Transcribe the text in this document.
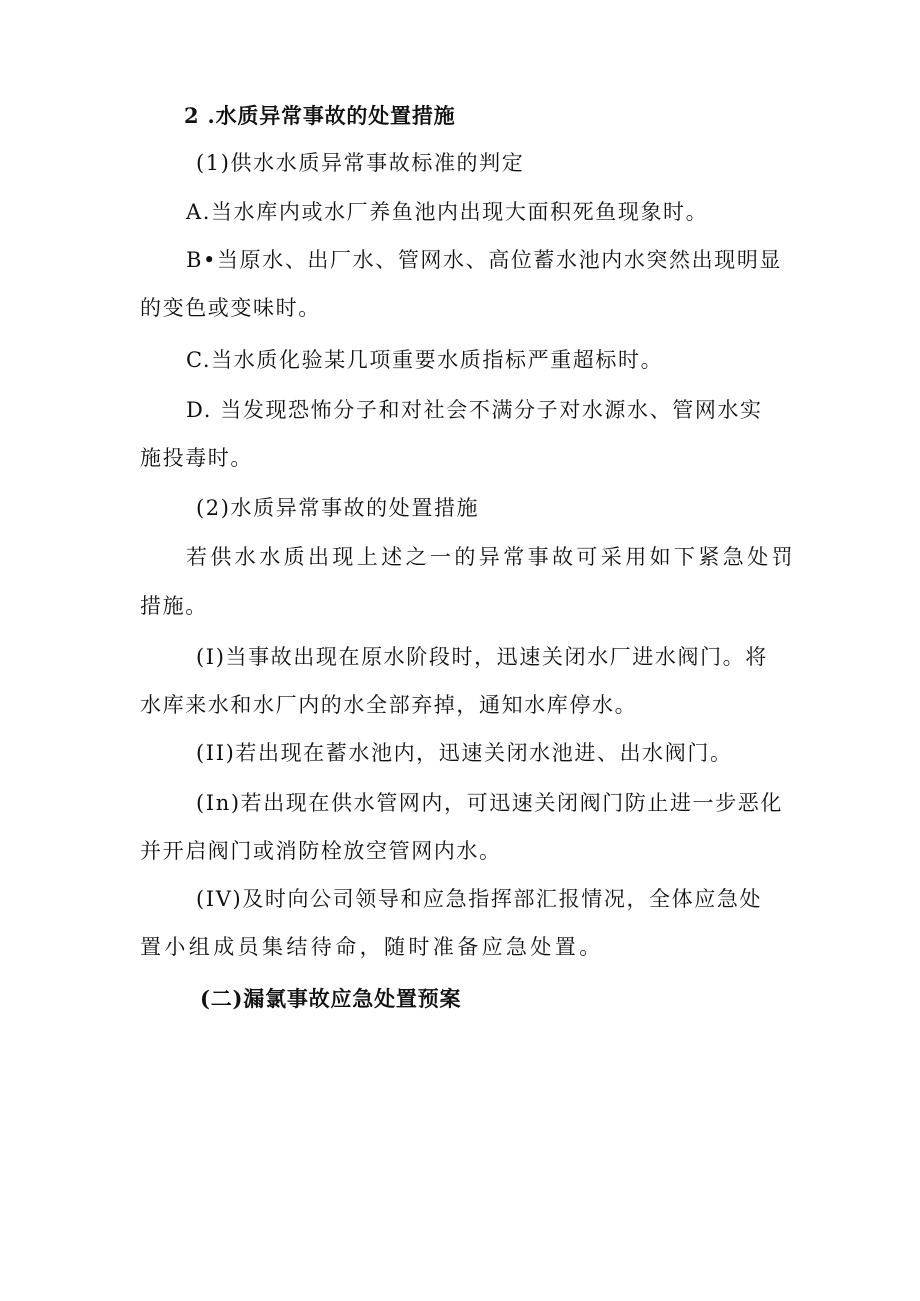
2 .水质异常事故的处置措施
(1)供水水质异常事故标准的判定
A.当水库内或水厂养鱼池内出现大面积死鱼现象时。
B•当原水、出厂水、管网水、高位蓄水池内水突然出现明显
的变色或变味时。
C.当水质化验某几项重要水质指标严重超标时。
D. 当发现恐怖分子和对社会不满分子对水源水、管网水实
施投毒时。
(2)水质异常事故的处置措施
若供水水质出现上述之一的异常事故可采用如下紧急处罚
措施。
(I)当事故出现在原水阶段时，迅速关闭水厂进水阀门。将
水库来水和水厂内的水全部弃掉，通知水库停水。
(II)若出现在蓄水池内，迅速关闭水池进、出水阀门。
(In)若出现在供水管网内，可迅速关闭阀门防止进一步恶化
并开启阀门或消防栓放空管网内水。
(IV)及时向公司领导和应急指挥部汇报情况，全体应急处
置小组成员集结待命，随时准备应急处置。
(二)漏氯事故应急处置预案
